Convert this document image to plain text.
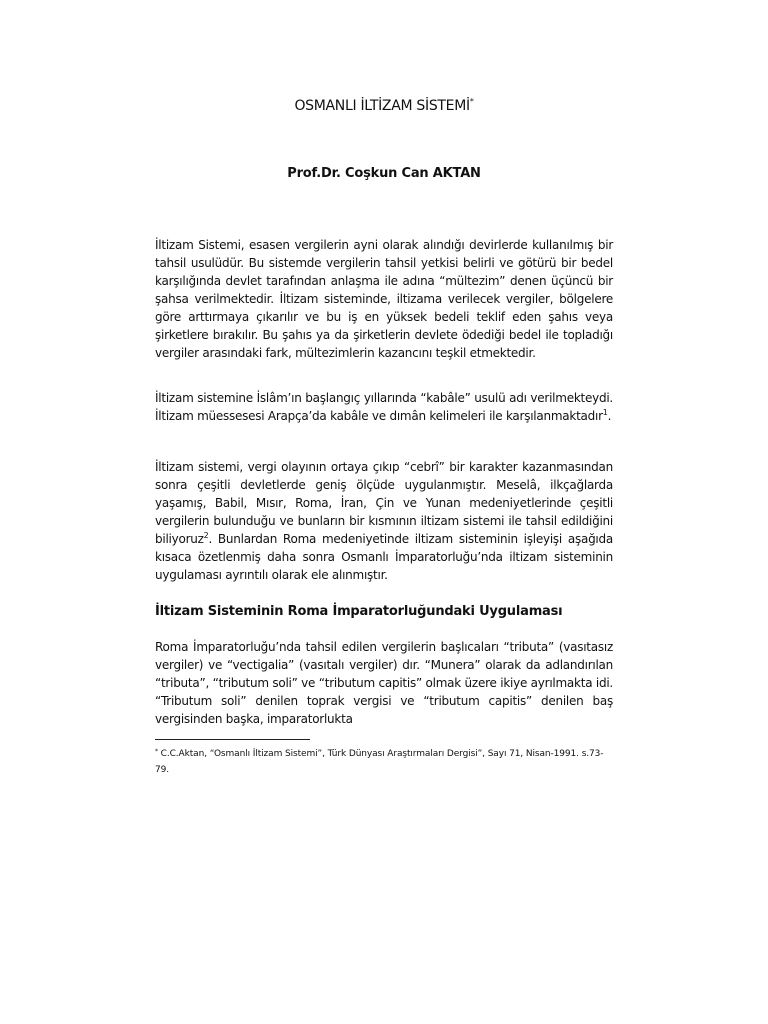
OSMANLI İLTİZAM SİSTEMİ*
Prof.Dr. Coşkun Can AKTAN

İltizam Sistemi, esasen vergilerin ayni olarak alındığı devirlerde kullanılmış bir tahsil usulüdür. Bu sistemde vergilerin tahsil yetkisi belirli ve götürü bir bedel karşılığında devlet tarafından anlaşma ile adına “mültezim” denen üçüncü bir şahsa verilmektedir. İltizam sisteminde, iltizama verilecek vergiler, bölgelere göre arttırmaya çıkarılır ve bu iş en yüksek bedeli teklif eden şahıs veya şirketlere bırakılır. Bu şahıs ya da şirketlerin devlete ödediği bedel ile topladığı vergiler arasındaki fark, mültezimlerin kazancını teşkil etmektedir.

İltizam sistemine İslâm’ın başlangıç yıllarında “kabâle” usulü adı verilmekteydi. İltizam müessesesi Arapça’da kabâle ve dımân kelimeleri ile karşılanmaktadır$^1$.

İltizam sistemi, vergi olayının ortaya çıkıp “cebrî” bir karakter kazanmasından sonra çeşitli devletlerde geniş ölçüde uygulanmıştır. Meselâ, ilkçağlarda yaşamış, Babil, Mısır, Roma, İran, Çin ve Yunan medeniyetlerinde çeşitli vergilerin bulunduğu ve bunların bir kısmının iltizam sistemi ile tahsil edildiğini biliyoruz$^2$. Bunlardan Roma medeniyetinde iltizam sisteminin işleyişi aşağıda kısaca özetlenmiş daha sonra Osmanlı İmparatorluğu’nda iltizam sisteminin uygulaması ayrıntılı olarak ele alınmıştır.

İltizam Sisteminin Roma İmparatorluğundaki Uygulaması

Roma İmparatorluğu’nda tahsil edilen vergilerin başlıcaları “tributa” (vasıtasız vergiler) ve “vectigalia” (vasıtalı vergiler) dır. “Munera” olarak da adlandırılan “tributa”, “tributum soli” ve “tributum capitis” olmak üzere ikiye ayrılmakta idi. “Tributum soli” denilen toprak vergisi ve “tributum capitis” denilen baş vergisinden başka, imparatorlukta

* C.C.Aktan, “Osmanlı İltizam Sistemi”, Türk Dünyası Araştırmaları Dergisi”, Sayı 71, Nisan-1991. s.73-79.
